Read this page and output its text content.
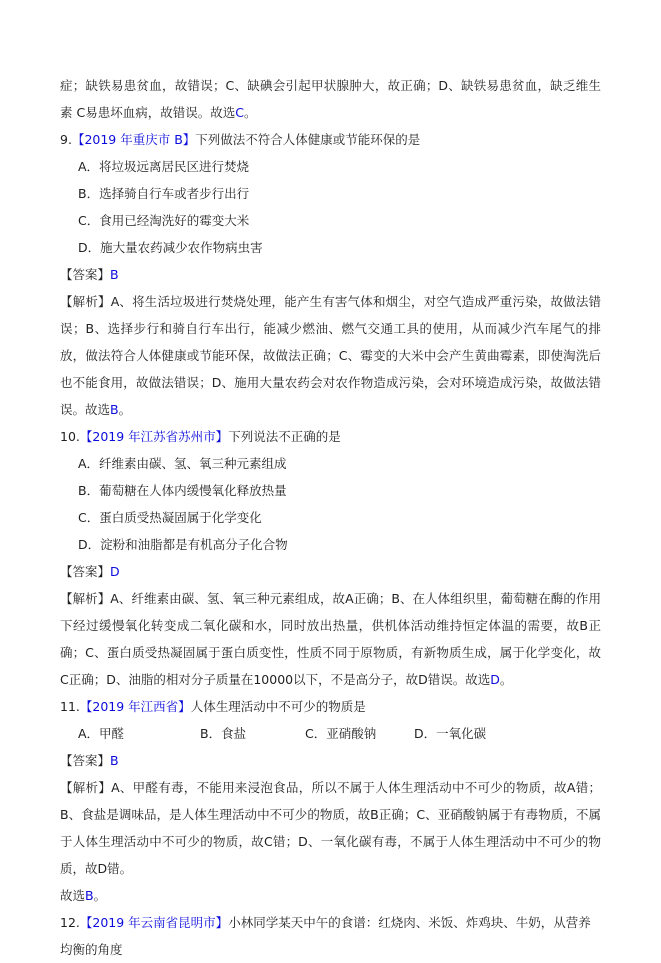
症；缺铁易患贫血，故错误；C、缺碘会引起甲状腺肿大，故正确；D、缺铁易患贫血，缺乏维生素 C易患坏血病，故错误。故选C。
9.【2019 年重庆市 B】下列做法不符合人体健康或节能环保的是
A．将垃圾远离居民区进行焚烧
B．选择骑自行车或者步行出行
C．食用已经淘洗好的霉变大米
D．施大量农药减少农作物病虫害
【答案】B
【解析】A、将生活垃圾进行焚烧处理，能产生有害气体和烟尘，对空气造成严重污染，故做法错误；B、选择步行和骑自行车出行，能减少燃油、燃气交通工具的使用，从而减少汽车尾气的排放，做法符合人体健康或节能环保，故做法正确；C、霉变的大米中会产生黄曲霉素，即使淘洗后也不能食用，故做法错误；D、施用大量农药会对农作物造成污染，会对环境造成污染，故做法错误。故选B。
10.【2019 年江苏省苏州市】下列说法不正确的是
A．纤维素由碳、氢、氧三种元素组成
B．葡萄糖在人体内缓慢氧化释放热量
C．蛋白质受热凝固属于化学变化
D．淀粉和油脂都是有机高分子化合物
【答案】D
【解析】A、纤维素由碳、氢、氧三种元素组成，故A正确；B、在人体组织里，葡萄糖在酶的作用下经过缓慢氧化转变成二氧化碳和水，同时放出热量，供机体活动维持恒定体温的需要，故B正确；C、蛋白质受热凝固属于蛋白质变性，性质不同于原物质，有新物质生成，属于化学变化，故C正确；D、油脂的相对分子质量在10000以下，不是高分子，故D错误。故选D。
11.【2019 年江西省】人体生理活动中不可少的物质是
A．甲醛	B．食盐	C．亚硝酸钠	D．一氧化碳
【答案】B
【解析】A、甲醛有毒，不能用来浸泡食品，所以不属于人体生理活动中不可少的物质，故A错；B、食盐是调味品，是人体生理活动中不可少的物质，故B正确；C、亚硝酸钠属于有毒物质，不属于人体生理活动中不可少的物质，故C错；D、一氧化碳有毒，不属于人体生理活动中不可少的物质，故D错。
故选B。
12.【2019 年云南省昆明市】小林同学某天中午的食谱：红烧肉、米饭、炸鸡块、牛奶，从营养均衡的角度
